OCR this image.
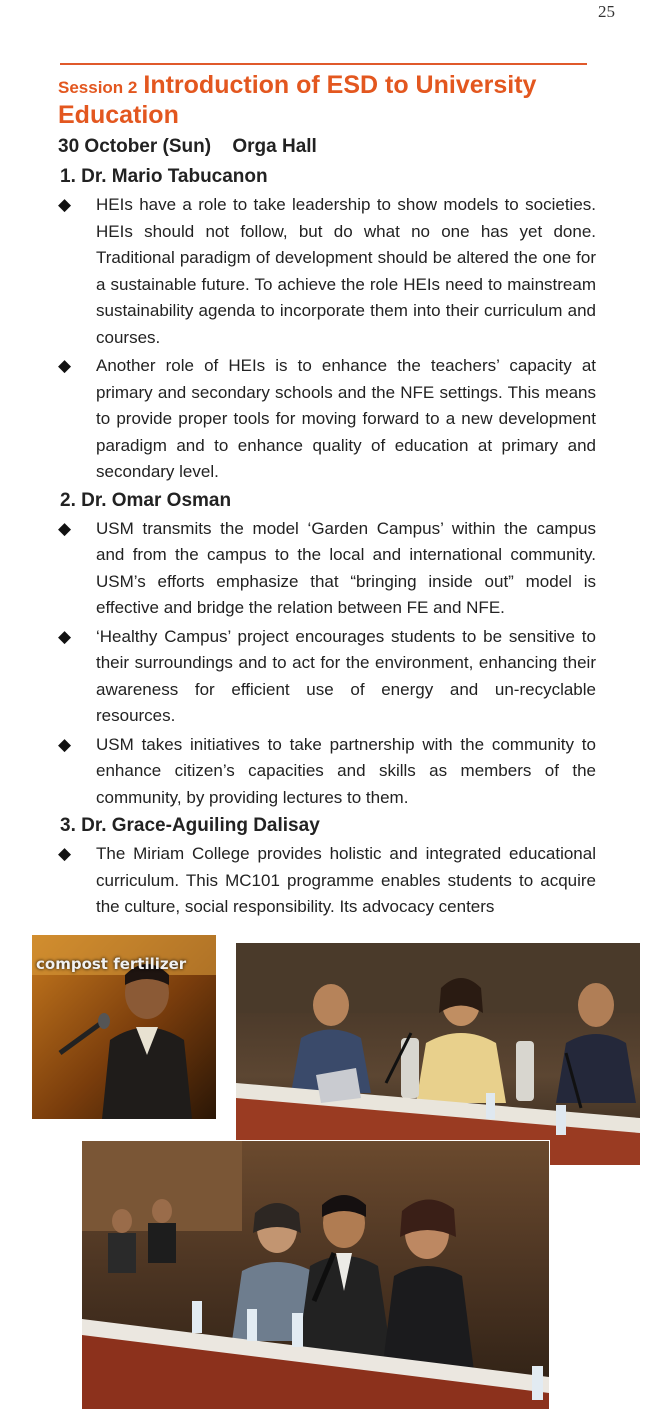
25
Session 2 Introduction of ESD to University Education
30 October (Sun) Orga Hall
1. Dr. Mario Tabucanon
◆ HEIs have a role to take leadership to show models to societies. HEIs should not follow, but do what no one has yet done. Traditional paradigm of development should be altered the one for a sustainable future. To achieve the role HEIs need to mainstream sustainability agenda to incorporate them into their curriculum and courses.
◆ Another role of HEIs is to enhance the teachers’ capacity at primary and secondary schools and the NFE settings. This means to provide proper tools for moving forward to a new development paradigm and to enhance quality of education at primary and secondary level.
2. Dr. Omar Osman
◆ USM transmits the model ‘Garden Campus’ within the campus and from the campus to the local and international community. USM’s efforts emphasize that “bringing inside out” model is effective and bridge the relation between FE and NFE.
◆ ‘Healthy Campus’ project encourages students to be sensitive to their surroundings and to act for the environment, enhancing their awareness for efficient use of energy and un-recyclable resources.
◆ USM takes initiatives to take partnership with the community to enhance citizen’s capacities and skills as members of the community, by providing lectures to them.
3. Dr. Grace-Aguiling Dalisay
◆ The Miriam College provides holistic and integrated educational curriculum. This MC101 programme enables students to acquire the culture, social responsibility. Its advocacy centers
compost fertilizer
